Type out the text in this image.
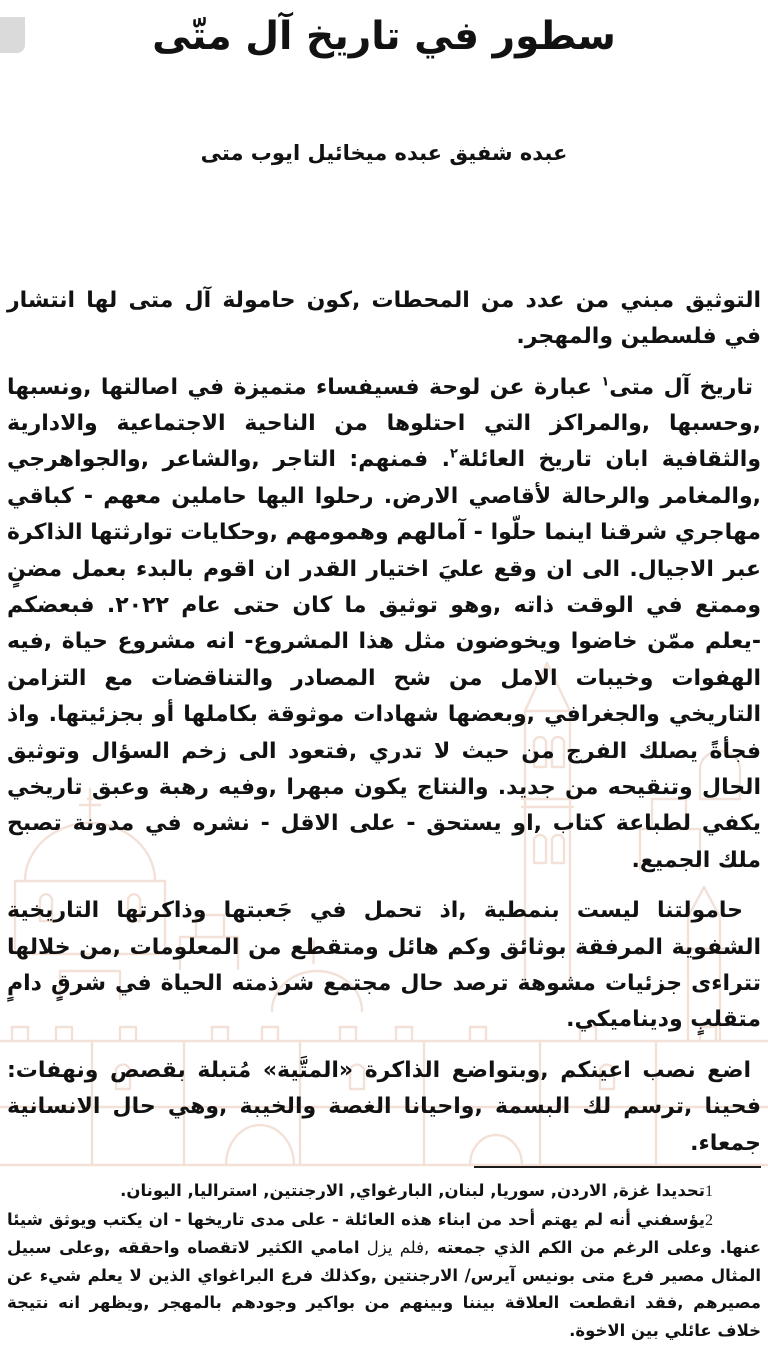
سطور في تاريخ آل متّى
عبده شفيق عبده ميخائيل ايوب متى

التوثيق مبني من عدد من المحطات ,كون حامولة آل متى لها انتشار في فلسطين والمهجر.

تاريخ آل متى$^١$ عبارة عن لوحة فسيفساء متميزة في اصالتها ,ونسبها ,وحسبها ,والمراكز التي احتلوها من الناحية الاجتماعية والادارية والثقافية ابان تاريخ العائلة$^٢$. فمنهم: التاجر ,والشاعر ,والجواهرجي ,والمغامر والرحالة لأقاصي الارض. رحلوا اليها حاملين معهم - كباقي مهاجري شرقنا اينما حلّوا - آمالهم وهمومهم ,وحكايات توارثتها الذاكرة عبر الاجيال. الى ان وقع عليَ اختيار القدر ان اقوم بالبدء بعمل مضنٍ وممتع في الوقت ذاته ,وهو توثيق ما كان حتى عام ٢٠٢٢. فبعضكم -يعلم ممّن خاضوا ويخوضون مثل هذا المشروع- انه مشروع حياة ,فيه الهفوات وخيبات الامل من شح المصادر والتناقضات مع التزامن التاريخي والجغرافي ,وبعضها شهادات موثوقة بكاملها أو بجزئيتها. واذ فجأةً يصلك الفرج من حيث لا تدري ,فتعود الى زخم السؤال وتوثيق الحال وتنقيحه من جديد. والنتاج يكون مبهرا ,وفيه رهبة وعبق تاريخي يكفي لطباعة كتاب ,او يستحق - على الاقل - نشره في مدونة تصبح ملك الجميع.

حامولتنا ليست بنمطية ,اذ تحمل في جَعبتها وذاكرتها التاريخية الشفوية المرفقة بوثائق وكم هائل ومتقطع من المعلومات ,من خلالها تتراءى جزئيات مشوهة ترصد حال مجتمع شرذمته الحياة في شرقٍ دامٍ متقلبٍ وديناميكي.

اضع نصب اعينكم ,وبتواضع الذاكرة «المتَّية» مُتبلة بقصص ونهفات: فحينا ,ترسم لك البسمة ,واحيانا الغصة والخيبة ,وهي حال الانسانية جمعاء.

1تحديدا غزة, الاردن, سوريا, لبنان, البارغواي, الارجنتين, استراليا, اليونان.

2يؤسفني أنه لم يهتم أحد من ابناء هذه العائلة - على مدى تاريخها - ان يكتب ويوثق شيئا عنها. وعلى الرغم من الكم الذي جمعته ,فلم يزل امامي الكثير لاتقصاه واحققه ,وعلى سبيل المثال مصير فرع متى بونيس آيرس/ الارجنتين ,وكذلك فرع البراغواي الذين لا يعلم شيء عن مصيرهم ,فقد انقطعت العلاقة بيننا وبينهم من بواكير وجودهم بالمهجر ,ويظهر انه نتيجة خلاف عائلي بين الاخوة.
